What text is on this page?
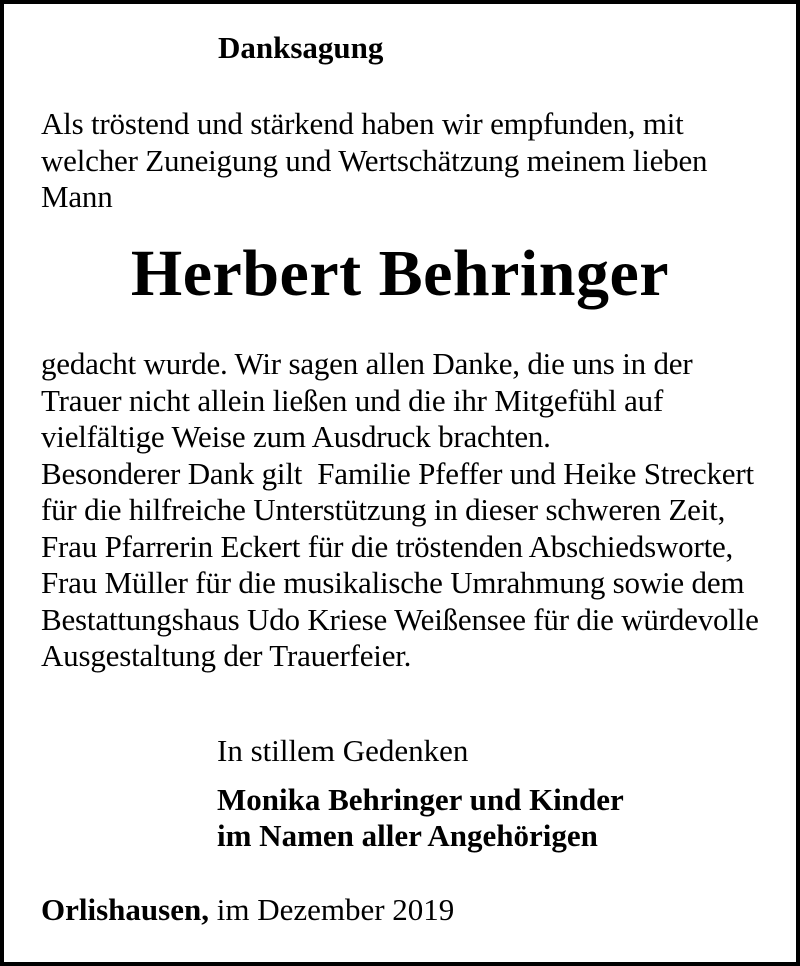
Danksagung
Als tröstend und stärkend haben wir empfunden, mit
welcher Zuneigung und Wertschätzung meinem lieben
Mann
Herbert Behringer
gedacht wurde. Wir sagen allen Danke, die uns in der
Trauer nicht allein ließen und die ihr Mitgefühl auf
vielfältige Weise zum Ausdruck brachten.
Besonderer Dank gilt  Familie Pfeffer und Heike Streckert
für die hilfreiche Unterstützung in dieser schweren Zeit,
Frau Pfarrerin Eckert für die tröstenden Abschiedsworte,
Frau Müller für die musikalische Umrahmung sowie dem
Bestattungshaus Udo Kriese Weißensee für die würdevolle
Ausgestaltung der Trauerfeier.
In stillem Gedenken
Monika Behringer und Kinder
im Namen aller Angehörigen
Orlishausen, im Dezember 2019
